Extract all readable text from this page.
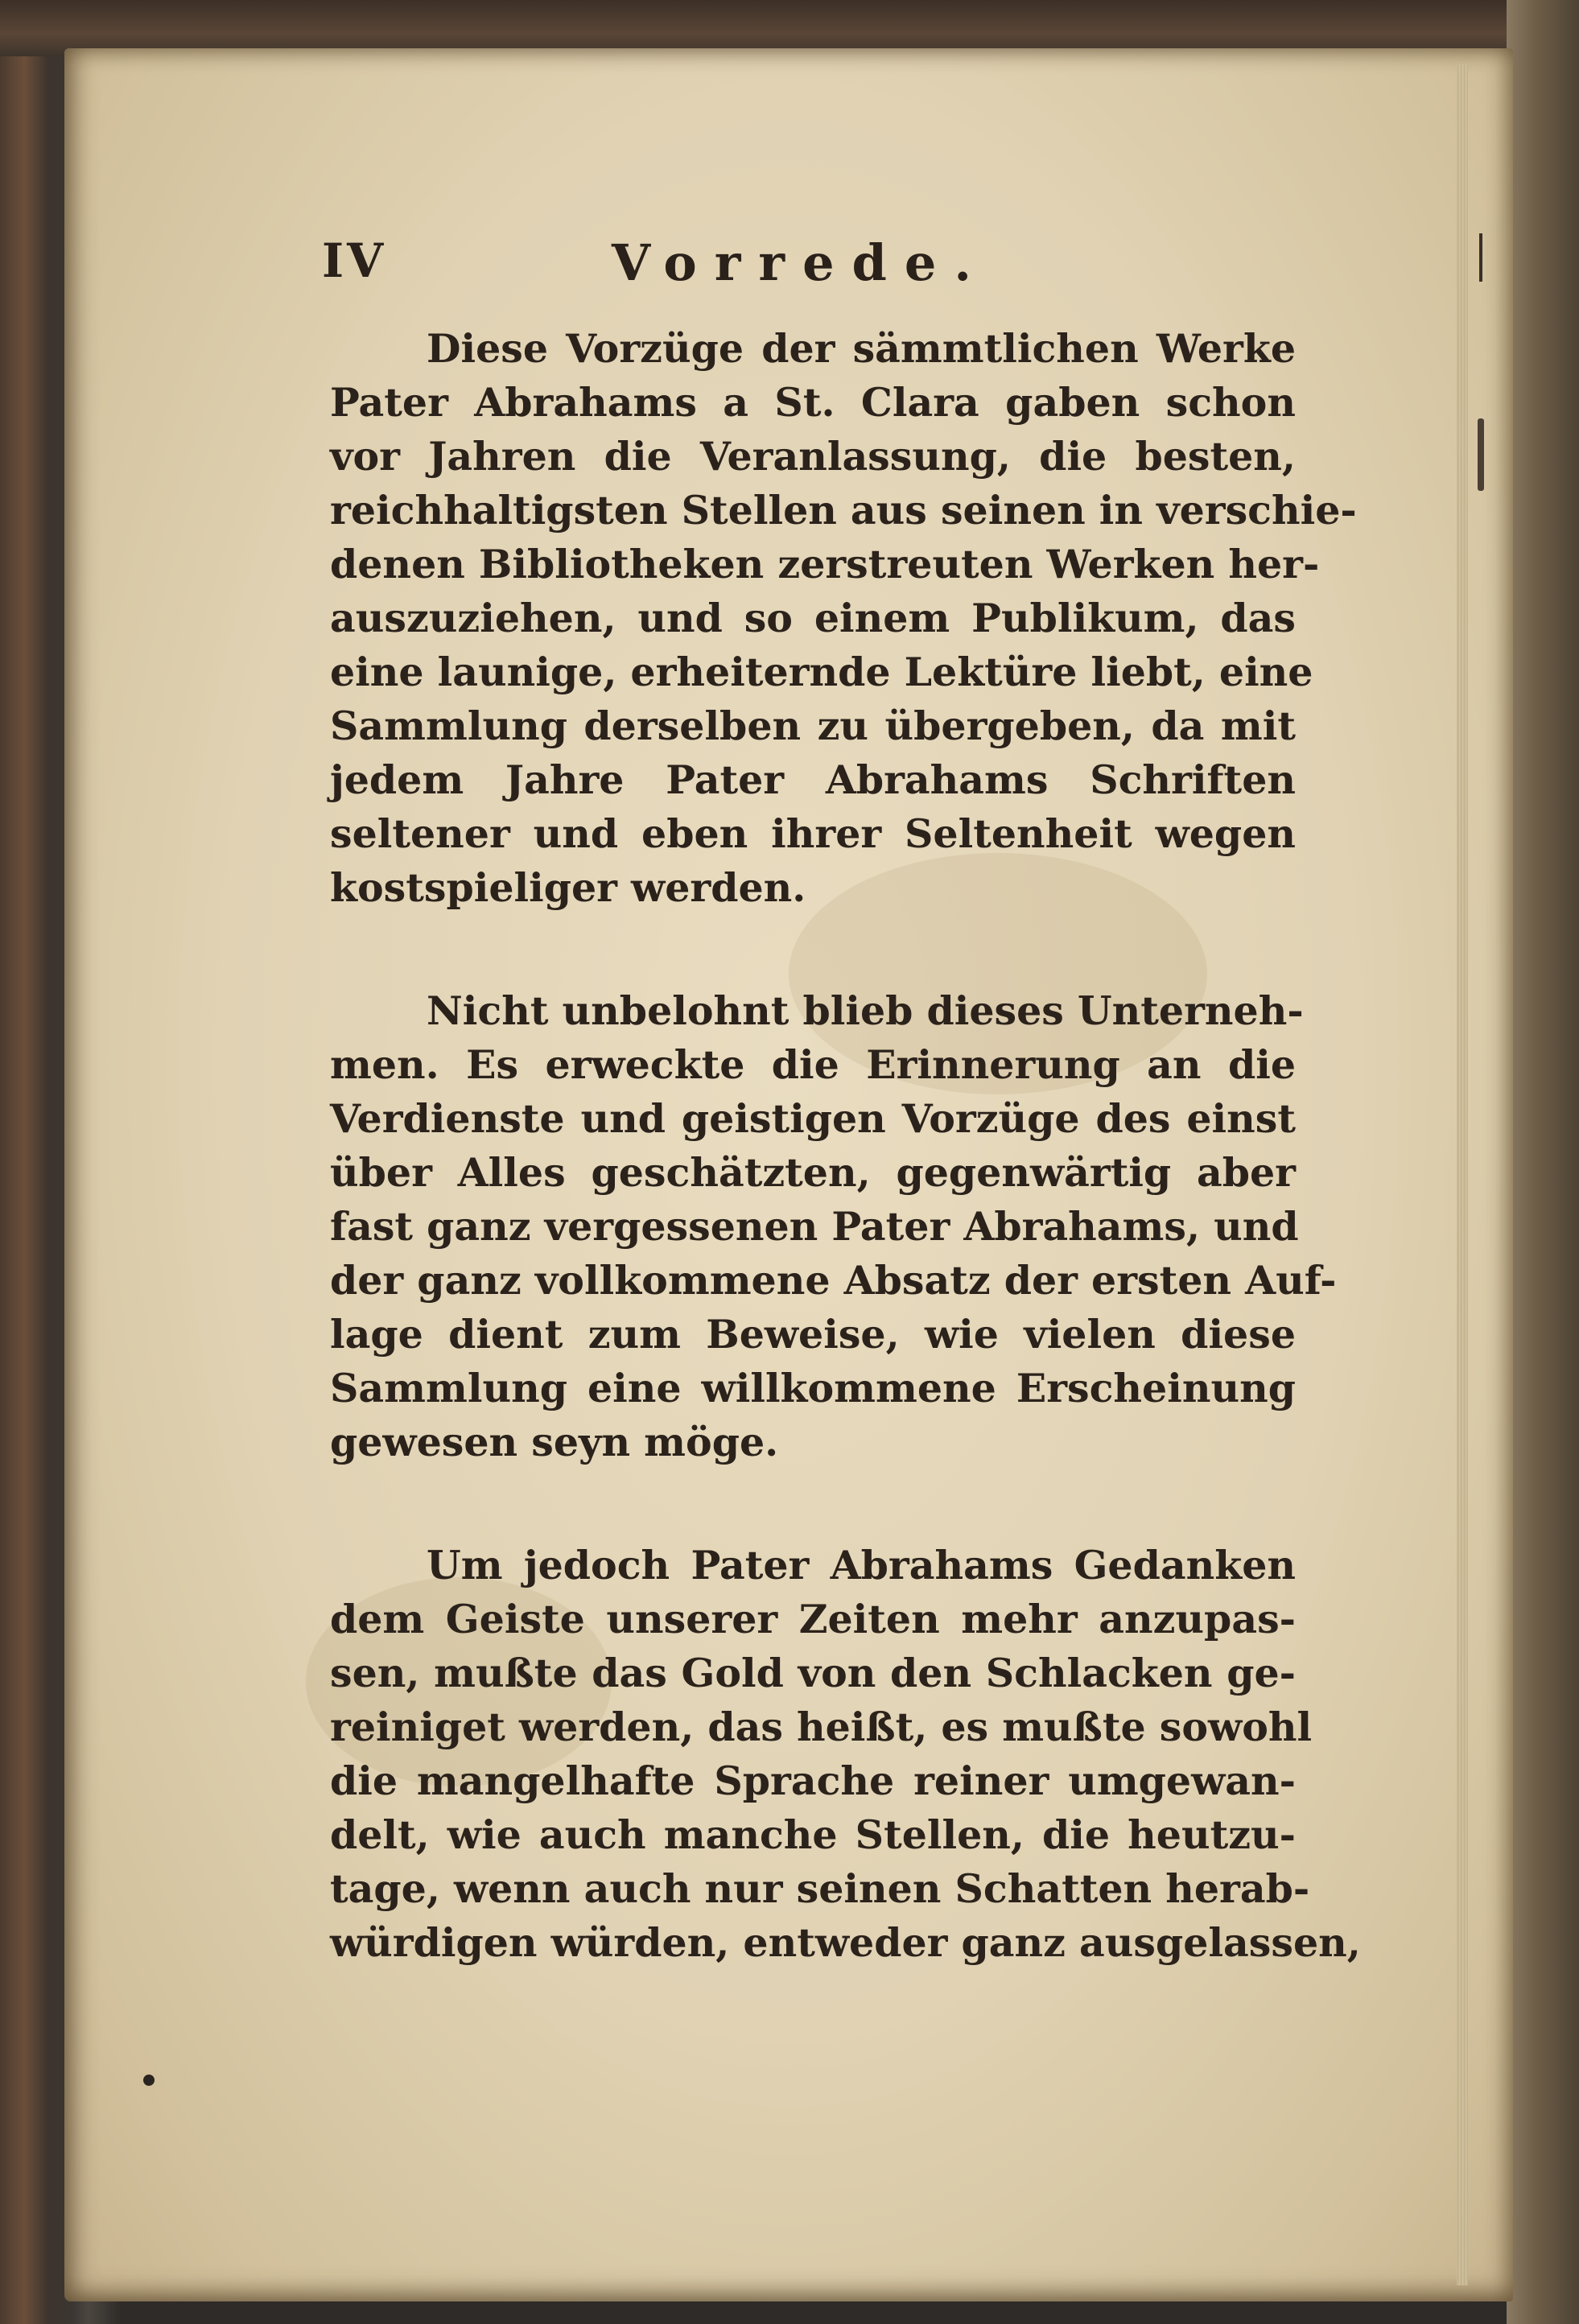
IV	Vorrede.
Diese Vorzüge der sämmtlichen Werke
Pater Abrahams a St. Clara gaben schon
vor Jahren die Veranlassung, die besten,
reichhaltigsten Stellen aus seinen in verschie-
denen Bibliotheken zerstreuten Werken her-
auszuziehen, und so einem Publikum, das
eine launige, erheiternde Lektüre liebt, eine
Sammlung derselben zu übergeben, da mit
jedem Jahre Pater Abrahams Schriften
seltener und eben ihrer Seltenheit wegen
kostspieliger werden.
Nicht unbelohnt blieb dieses Unterneh-
men. Es erweckte die Erinnerung an die
Verdienste und geistigen Vorzüge des einst
über Alles geschätzten, gegenwärtig aber
fast ganz vergessenen Pater Abrahams, und
der ganz vollkommene Absatz der ersten Auf-
lage dient zum Beweise, wie vielen diese
Sammlung eine willkommene Erscheinung
gewesen seyn möge.
Um jedoch Pater Abrahams Gedanken
dem Geiste unserer Zeiten mehr anzupas-
sen, mußte das Gold von den Schlacken ge-
reiniget werden, das heißt, es mußte sowohl
die mangelhafte Sprache reiner umgewan-
delt, wie auch manche Stellen, die heutzu-
tage, wenn auch nur seinen Schatten herab-
würdigen würden, entweder ganz ausgelassen,
